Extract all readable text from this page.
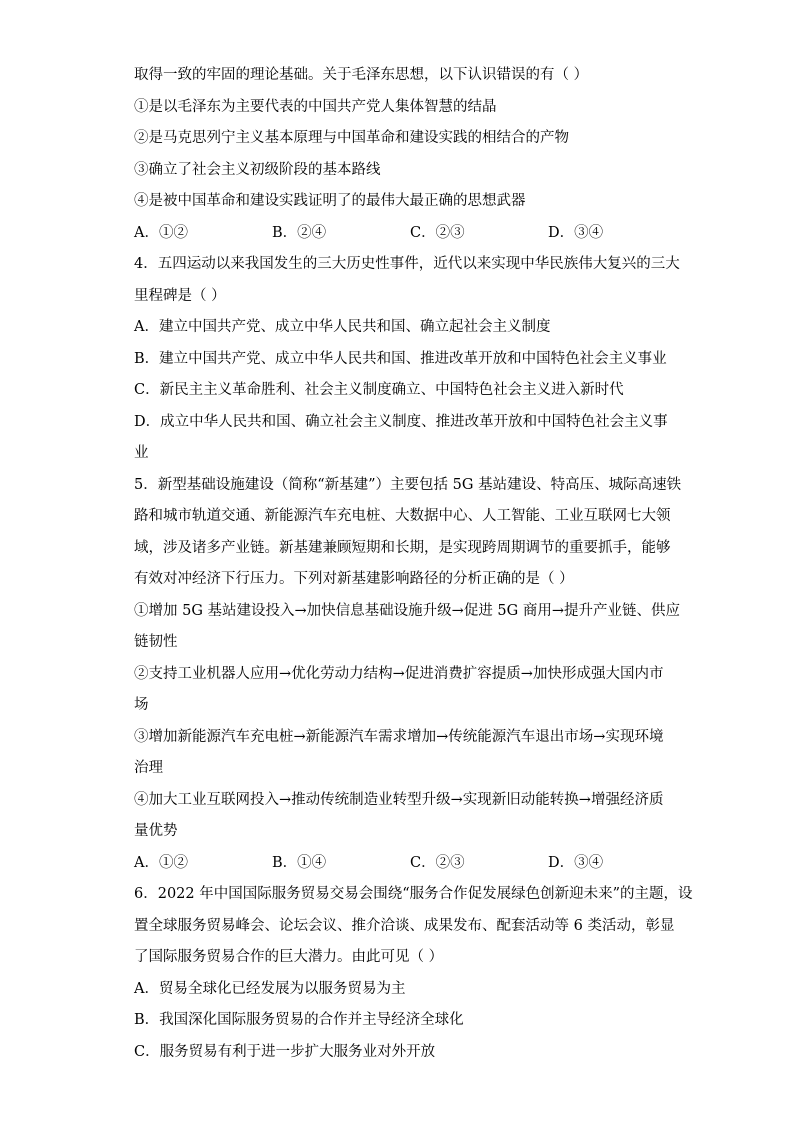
取得一致的牢固的理论基础。关于毛泽东思想，以下认识错误的有（ ）
①是以毛泽东为主要代表的中国共产党人集体智慧的结晶
②是马克思列宁主义基本原理与中国革命和建设实践的相结合的产物
③确立了社会主义初级阶段的基本路线
④是被中国革命和建设实践证明了的最伟大最正确的思想武器
A．①②	B．②④	C．②③	D．③④
4．五四运动以来我国发生的三大历史性事件，近代以来实现中华民族伟大复兴的三大
里程碑是（ ）
A．建立中国共产党、成立中华人民共和国、确立起社会主义制度
B．建立中国共产党、成立中华人民共和国、推进改革开放和中国特色社会主义事业
C．新民主主义革命胜利、社会主义制度确立、中国特色社会主义进入新时代
D．成立中华人民共和国、确立社会主义制度、推进改革开放和中国特色社会主义事
业
5．新型基础设施建设（简称“新基建”）主要包括 5G 基站建设、特高压、城际高速铁
路和城市轨道交通、新能源汽车充电桩、大数据中心、人工智能、工业互联网七大领
域，涉及诸多产业链。新基建兼顾短期和长期，是实现跨周期调节的重要抓手，能够
有效对冲经济下行压力。下列对新基建影响路径的分析正确的是（ ）
①增加 5G 基站建设投入→加快信息基础设施升级→促进 5G 商用→提升产业链、供应
链韧性
②支持工业机器人应用→优化劳动力结构→促进消费扩容提质→加快形成强大国内市
场
③增加新能源汽车充电桩→新能源汽车需求增加→传统能源汽车退出市场→实现环境
治理
④加大工业互联网投入→推动传统制造业转型升级→实现新旧动能转换→增强经济质
量优势
A．①②	B．①④	C．②③	D．③④
6．2022 年中国国际服务贸易交易会围绕“服务合作促发展绿色创新迎未来”的主题，设
置全球服务贸易峰会、论坛会议、推介洽谈、成果发布、配套活动等 6 类活动，彰显
了国际服务贸易合作的巨大潜力。由此可见（ ）
A．贸易全球化已经发展为以服务贸易为主
B．我国深化国际服务贸易的合作并主导经济全球化
C．服务贸易有利于进一步扩大服务业对外开放
